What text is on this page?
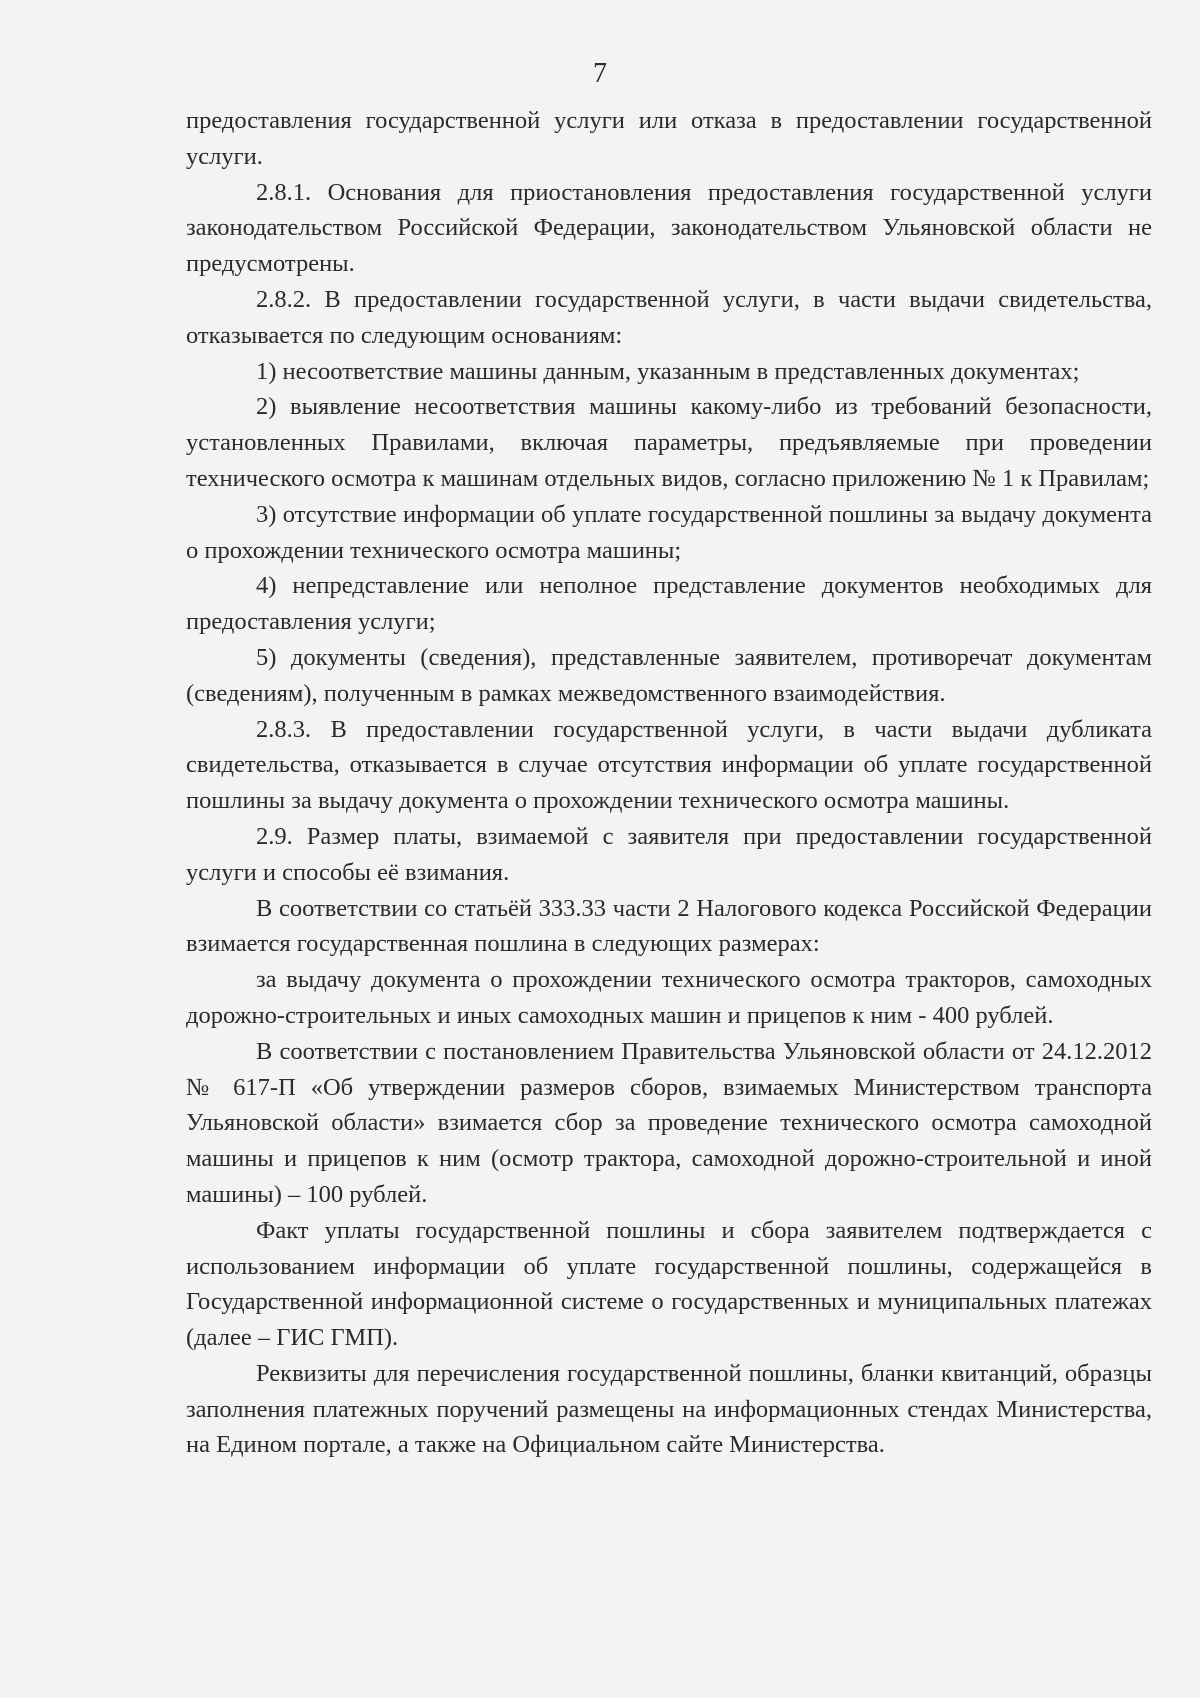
7

предоставления государственной услуги или отказа в предоставлении государственной услуги.

2.8.1. Основания для приостановления предоставления государственной услуги законодательством Российской Федерации, законодательством Ульяновской области не предусмотрены.

2.8.2. В предоставлении государственной услуги, в части выдачи свидетельства, отказывается по следующим основаниям:

1) несоответствие машины данным, указанным в представленных документах;

2) выявление несоответствия машины какому-либо из требований безопасности, установленных Правилами, включая параметры, предъявляемые при проведении технического осмотра к машинам отдельных видов, согласно приложению № 1 к Правилам;

3) отсутствие информации об уплате государственной пошлины за выдачу документа о прохождении технического осмотра машины;

4) непредставление или неполное представление документов необходимых для предоставления услуги;

5) документы (сведения), представленные заявителем, противоречат документам (сведениям), полученным в рамках межведомственного взаимодействия.

2.8.3. В предоставлении государственной услуги, в части выдачи дубликата свидетельства, отказывается в случае отсутствия информации об уплате государственной пошлины за выдачу документа о прохождении технического осмотра машины.

2.9. Размер платы, взимаемой с заявителя при предоставлении государственной услуги и способы её взимания.

В соответствии со статьёй 333.33 части 2 Налогового кодекса Российской Федерации взимается государственная пошлина в следующих размерах:

за выдачу документа о прохождении технического осмотра тракторов, самоходных дорожно-строительных и иных самоходных машин и прицепов к ним - 400 рублей.

В соответствии с постановлением Правительства Ульяновской области от 24.12.2012 № 617-П «Об утверждении размеров сборов, взимаемых Министерством транспорта Ульяновской области» взимается сбор за проведение технического осмотра самоходной машины и прицепов к ним (осмотр трактора, самоходной дорожно-строительной и иной машины) – 100 рублей.

Факт уплаты государственной пошлины и сбора заявителем подтверждается с использованием информации об уплате государственной пошлины, содержащейся в Государственной информационной системе о государственных и муниципальных платежах (далее – ГИС ГМП).

Реквизиты для перечисления государственной пошлины, бланки квитанций, образцы заполнения платежных поручений размещены на информационных стендах Министерства, на Едином портале, а также на Официальном сайте Министерства.
